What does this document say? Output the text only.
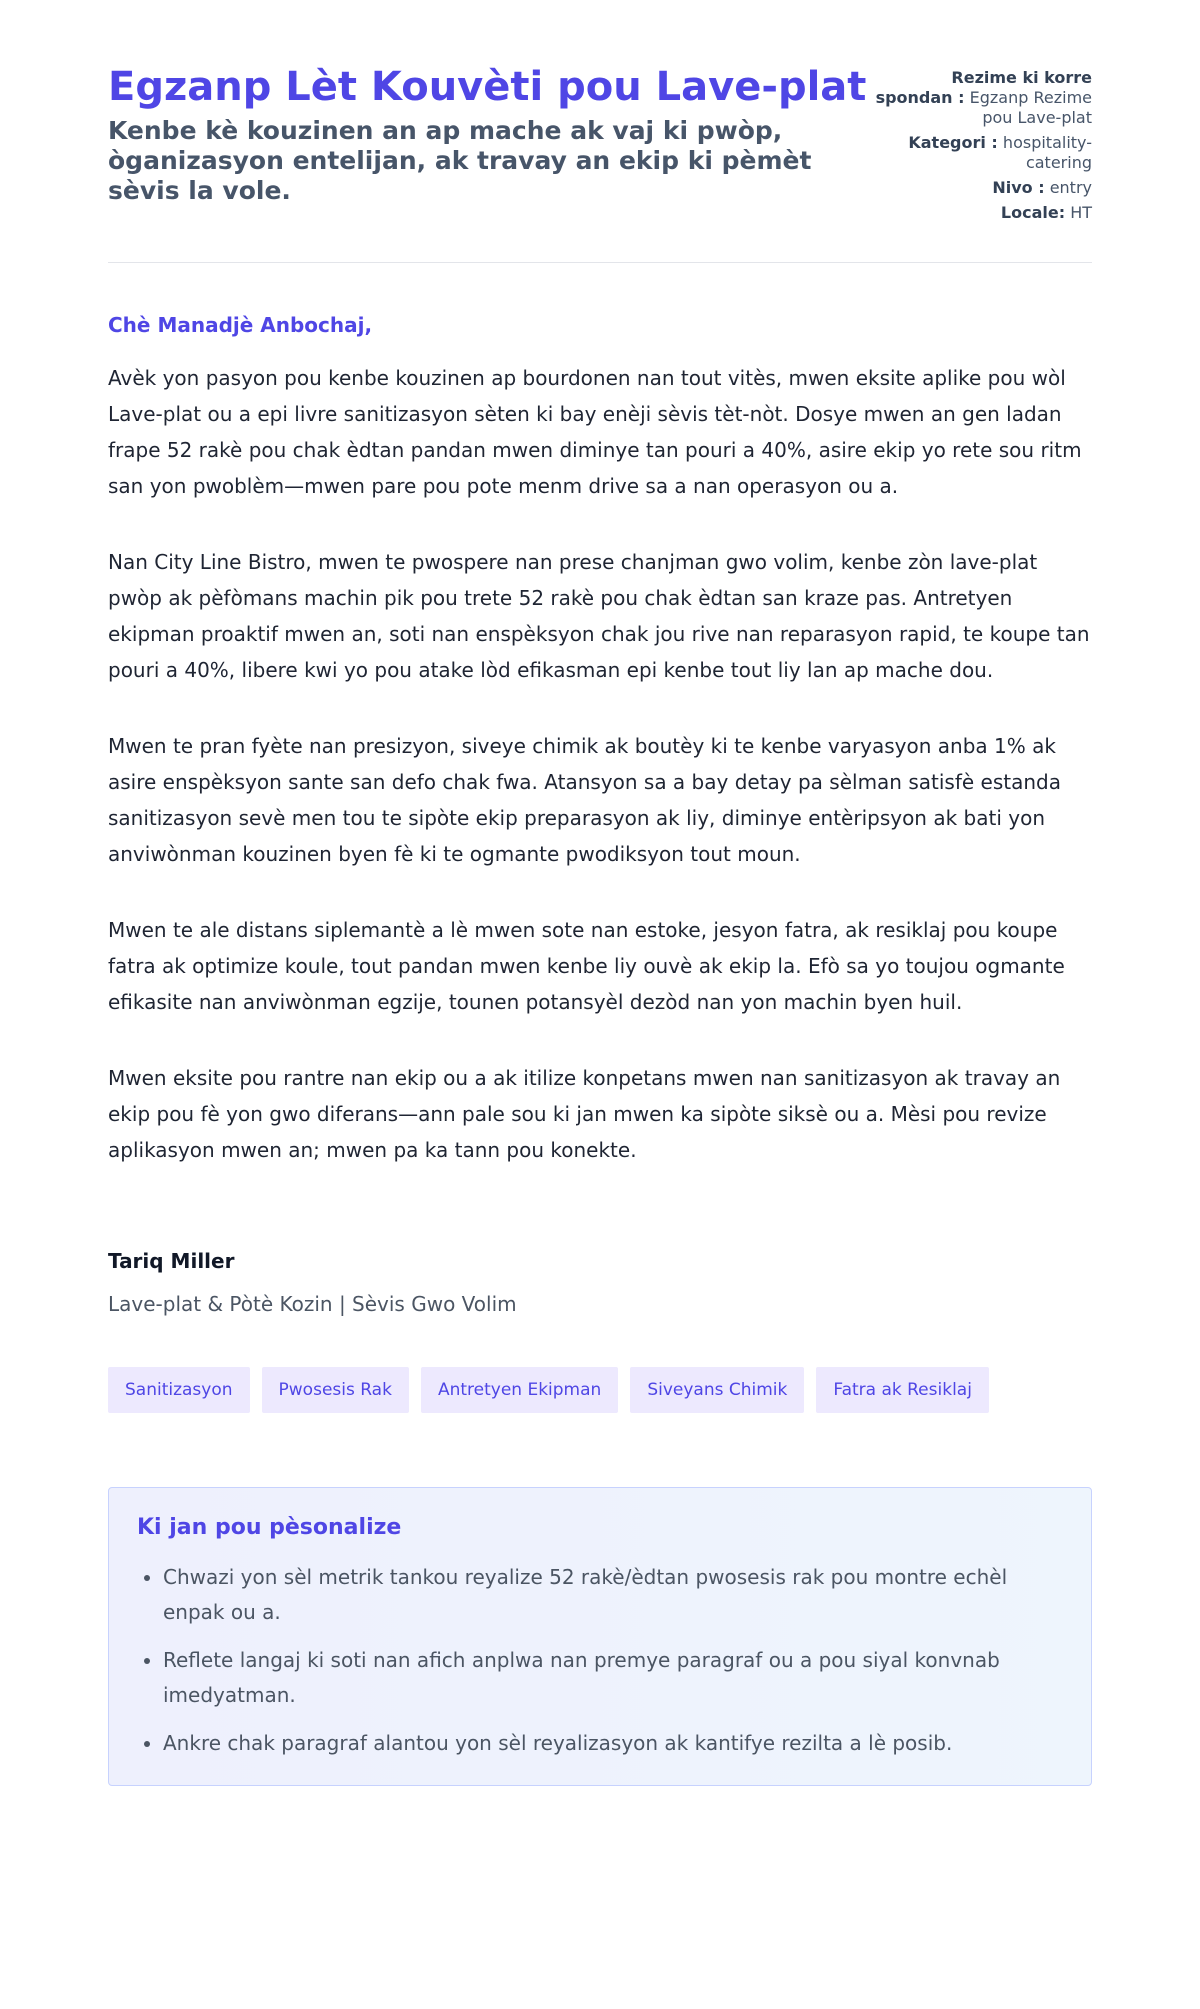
Egzanp Lèt Kouvèti pou Lave-plat
Kenbe kè kouzinen an ap mache ak vaj ki pwòp, òganizasyon entelijan, ak travay an ekip ki pèmèt sèvis la vole.
Rezime ki korre spondan : Egzanp Rezime pou Lave-plat
Kategori : hospitality-catering
Nivo : entry
Locale: HT
Chè Manadjè Anbochaj,

Avèk yon pasyon pou kenbe kouzinen ap bourdonen nan tout vitès, mwen eksite aplike pou wòl Lave-plat ou a epi livre sanitizasyon sèten ki bay enèji sèvis tèt-nòt. Dosye mwen an gen ladan frape 52 rakè pou chak èdtan pandan mwen diminye tan pouri a 40%, asire ekip yo rete sou ritm san yon pwoblèm—mwen pare pou pote menm drive sa a nan operasyon ou a.

Nan City Line Bistro, mwen te pwospere nan prese chanjman gwo volim, kenbe zòn lave-plat pwòp ak pèfòmans machin pik pou trete 52 rakè pou chak èdtan san kraze pas. Antretyen ekipman proaktif mwen an, soti nan enspèksyon chak jou rive nan reparasyon rapid, te koupe tan pouri a 40%, libere kwi yo pou atake lòd efikasman epi kenbe tout liy lan ap mache dou.

Mwen te pran fyète nan presizyon, siveye chimik ak boutèy ki te kenbe varyasyon anba 1% ak asire enspèksyon sante san defo chak fwa. Atansyon sa a bay detay pa sèlman satisfè estanda sanitizasyon sevè men tou te sipòte ekip preparasyon ak liy, diminye entèripsyon ak bati yon anviwònman kouzinen byen fè ki te ogmante pwodiksyon tout moun.

Mwen te ale distans siplemantè a lè mwen sote nan estoke, jesyon fatra, ak resiklaj pou koupe fatra ak optimize koule, tout pandan mwen kenbe liy ouvè ak ekip la. Efò sa yo toujou ogmante efikasite nan anviwònman egzije, tounen potansyèl dezòd nan yon machin byen huil.

Mwen eksite pou rantre nan ekip ou a ak itilize konpetans mwen nan sanitizasyon ak travay an ekip pou fè yon gwo diferans—ann pale sou ki jan mwen ka sipòte siksè ou a. Mèsi pou revize aplikasyon mwen an; mwen pa ka tann pou konekte.

Tariq Miller
Lave-plat & Pòtè Kozin | Sèvis Gwo Volim
Sanitizasyon	Pwosesis Rak	Antretyen Ekipman	Siveyans Chimik	Fatra ak Resiklaj
Ki jan pou pèsonalize
• Chwazi yon sèl metrik tankou reyalize 52 rakè/èdtan pwosesis rak pou montre echèl enpak ou a.
• Reflete langaj ki soti nan afich anplwa nan premye paragraf ou a pou siyal konvnab imedyatman.
• Ankre chak paragraf alantou yon sèl reyalizasyon ak kantifye rezilta a lè posib.
